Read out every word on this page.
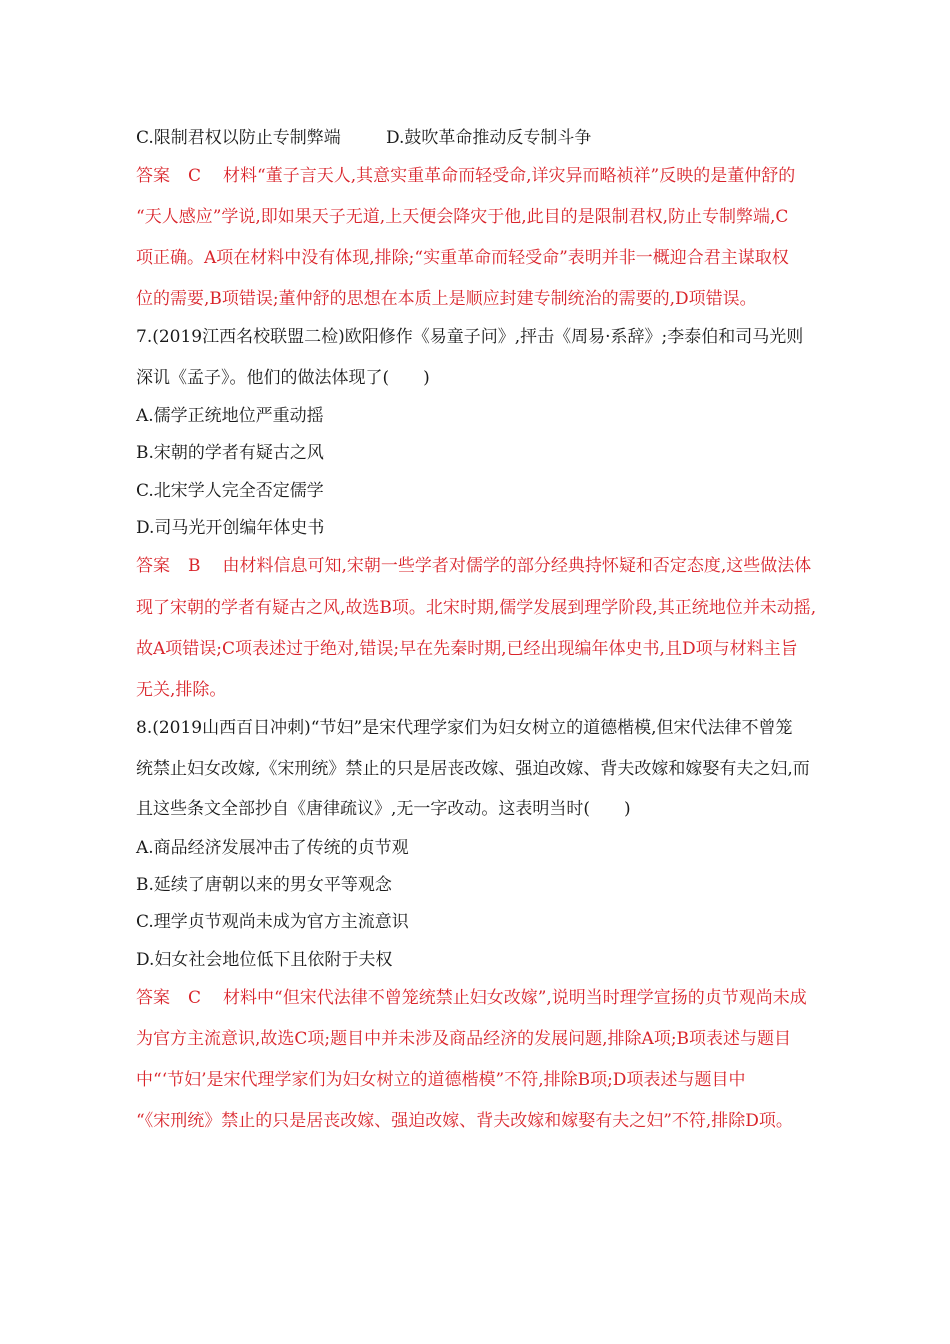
C.限制君权以防止专制弊端	D.鼓吹革命推动反专制斗争
答案 C 材料“董子言天人,其意实重革命而轻受命,详灾异而略祯祥”反映的是董仲舒的
“天人感应”学说,即如果天子无道,上天便会降灾于他,此目的是限制君权,防止专制弊端,C
项正确。A项在材料中没有体现,排除;“实重革命而轻受命”表明并非一概迎合君主谋取权
位的需要,B项错误;董仲舒的思想在本质上是顺应封建专制统治的需要的,D项错误。
7.(2019江西名校联盟二检)欧阳修作《易童子问》,抨击《周易·系辞》;李泰伯和司马光则
深讥《孟子》。他们的做法体现了(　　)
A.儒学正统地位严重动摇
B.宋朝的学者有疑古之风
C.北宋学人完全否定儒学
D.司马光开创编年体史书
答案 B 由材料信息可知,宋朝一些学者对儒学的部分经典持怀疑和否定态度,这些做法体
现了宋朝的学者有疑古之风,故选B项。北宋时期,儒学发展到理学阶段,其正统地位并未动摇,
故A项错误;C项表述过于绝对,错误;早在先秦时期,已经出现编年体史书,且D项与材料主旨
无关,排除。
8.(2019山西百日冲刺)“节妇”是宋代理学家们为妇女树立的道德楷模,但宋代法律不曾笼
统禁止妇女改嫁,《宋刑统》禁止的只是居丧改嫁、强迫改嫁、背夫改嫁和嫁娶有夫之妇,而
且这些条文全部抄自《唐律疏议》,无一字改动。这表明当时(　　)
A.商品经济发展冲击了传统的贞节观
B.延续了唐朝以来的男女平等观念
C.理学贞节观尚未成为官方主流意识
D.妇女社会地位低下且依附于夫权
答案 C 材料中“但宋代法律不曾笼统禁止妇女改嫁”,说明当时理学宣扬的贞节观尚未成
为官方主流意识,故选C项;题目中并未涉及商品经济的发展问题,排除A项;B项表述与题目
中“‘节妇’是宋代理学家们为妇女树立的道德楷模”不符,排除B项;D项表述与题目中
“《宋刑统》禁止的只是居丧改嫁、强迫改嫁、背夫改嫁和嫁娶有夫之妇”不符,排除D项。
